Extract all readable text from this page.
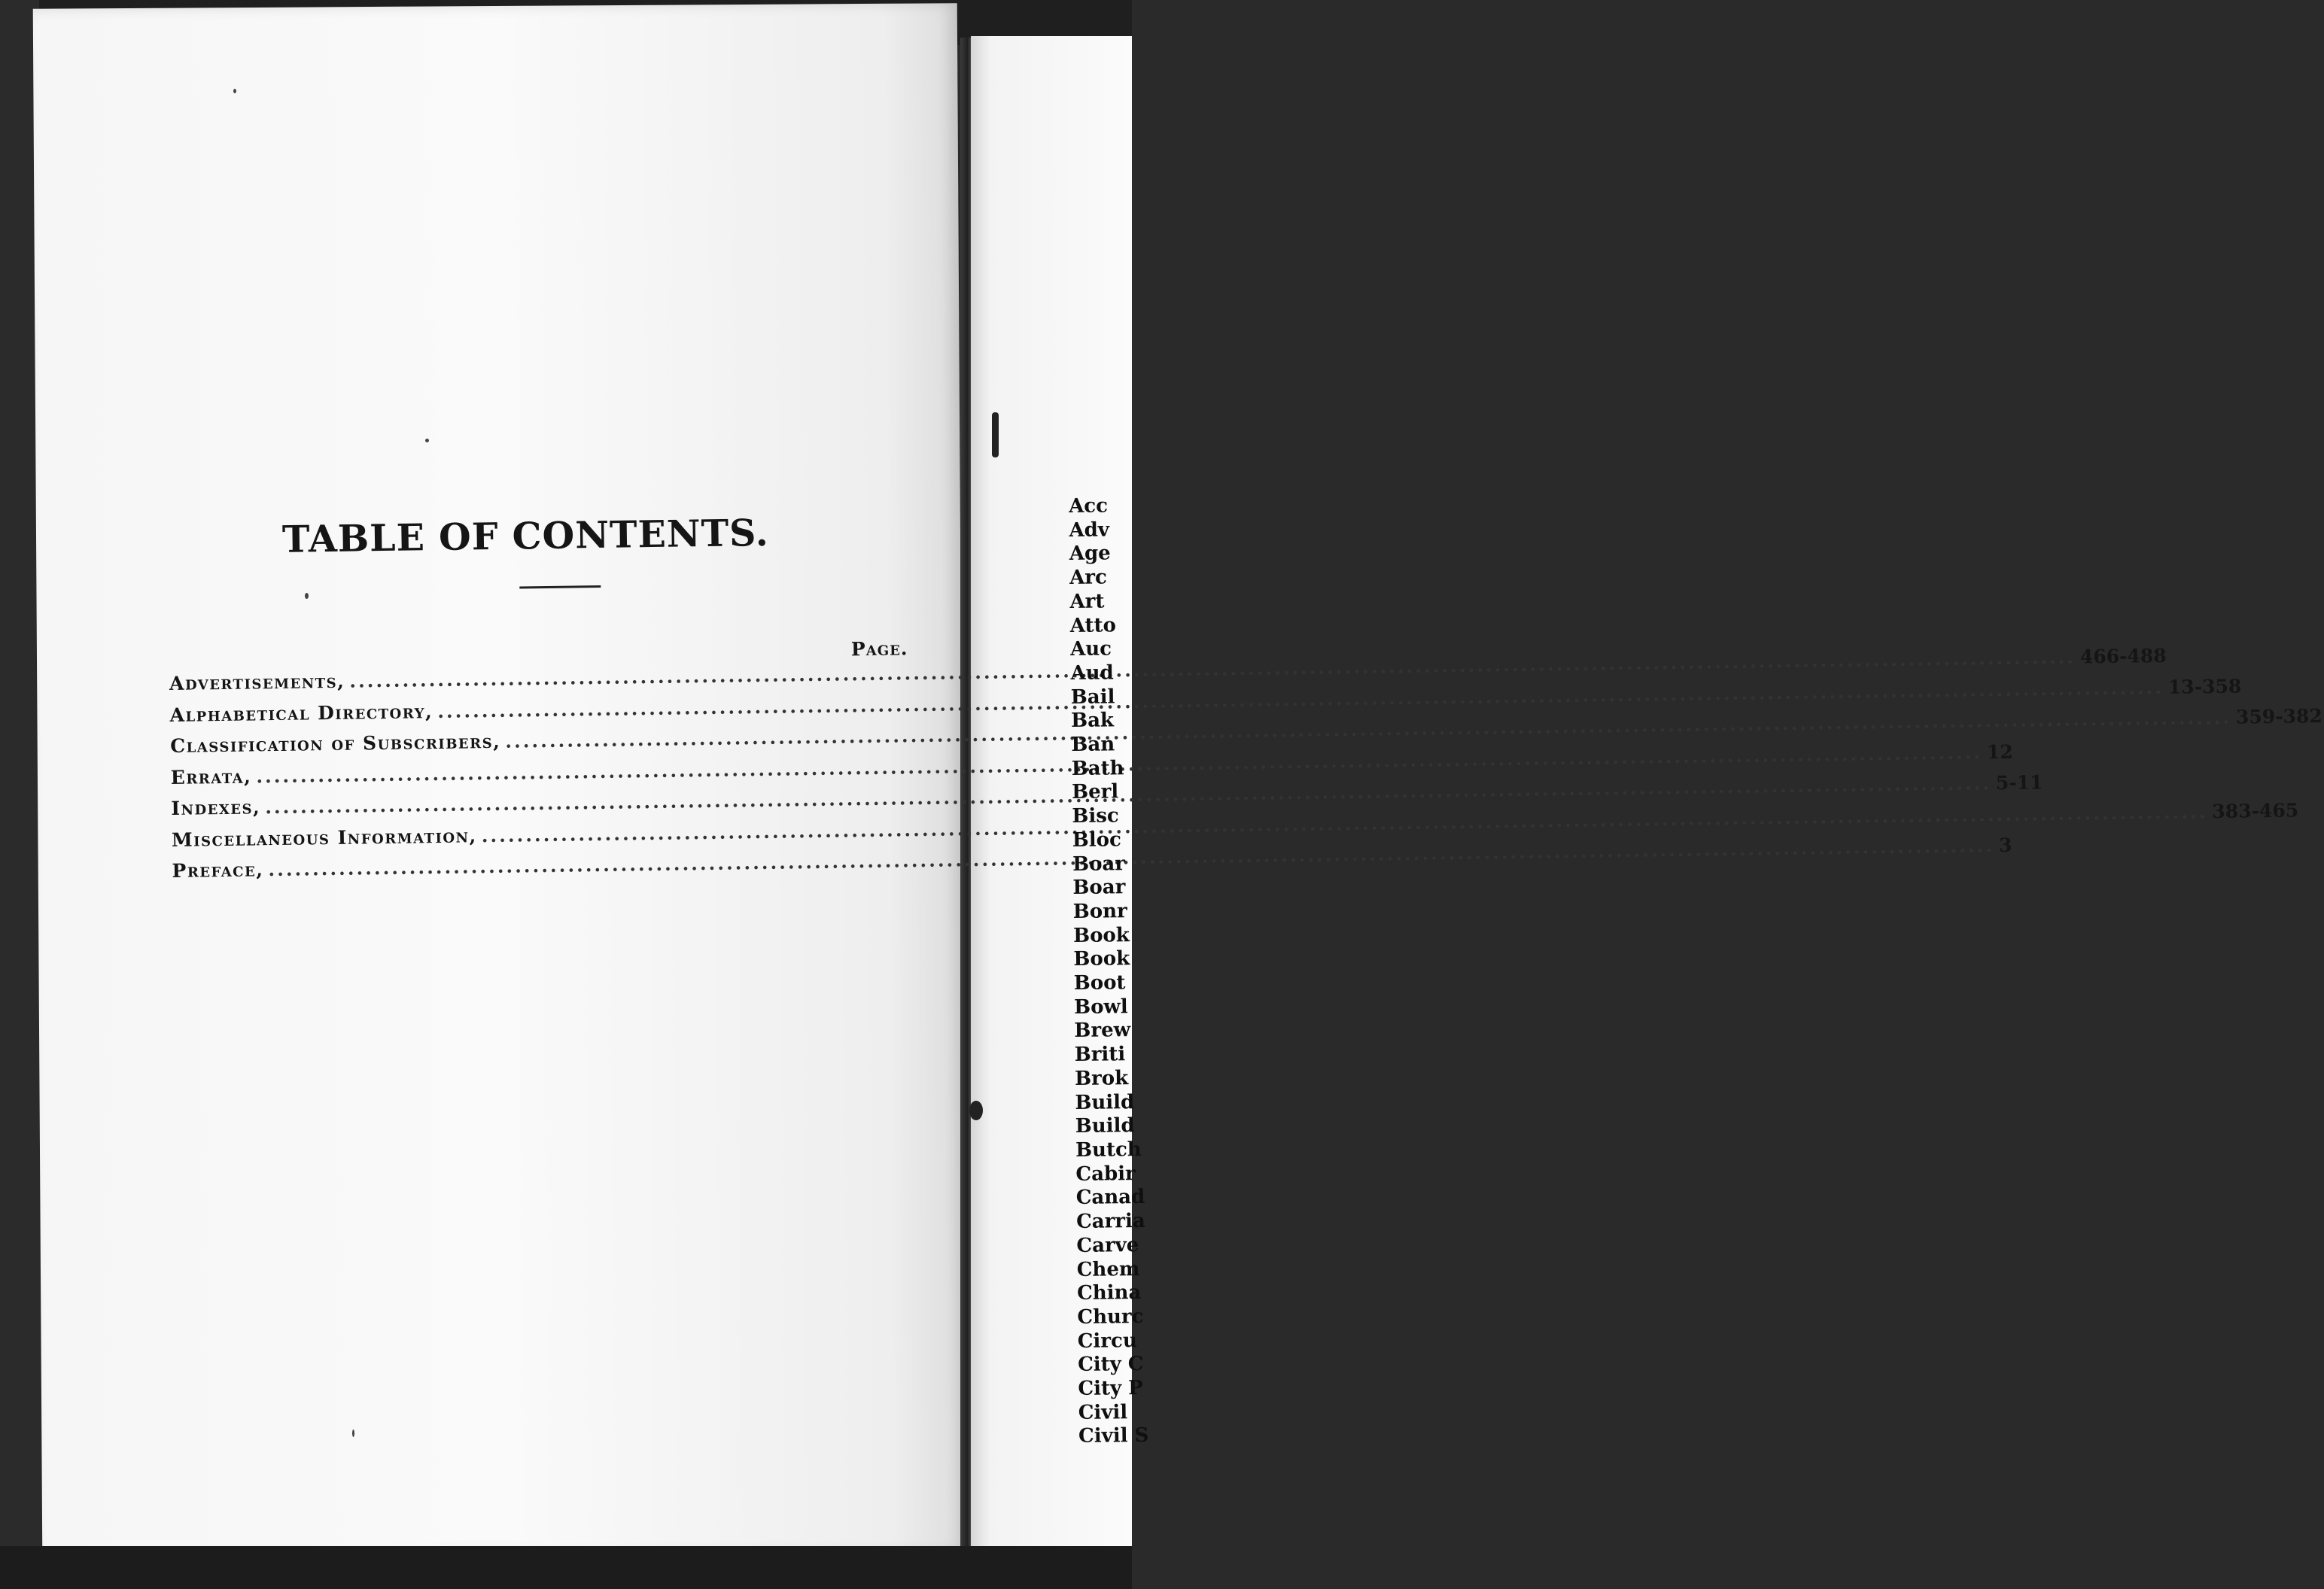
​

TABLE OF CONTENTS.
Page.
Advertisements,
.....
466-488
Alphabetical Directory,
.....
13-358
Classification of Subscribers,
.....
359-382
Errata,
.....
12
Indexes,
.....
5-11
Miscellaneous Information,
.....
383-465
Preface,
.....
3
Acc
Adv
Age
Arc
Art
Atto
Auc
Aud
Bail
Bak
Ban
Bath
Berl
Bisc
Bloc
Boar
Boar
Bonr
Book
Book
Boot
Bowl
Brew
Briti
Brok
Build
Build
Butch
Cabir
Canad
Carria
Carve
Chem
China
Churc
Circu
City C
City P
Civil
Civil S
